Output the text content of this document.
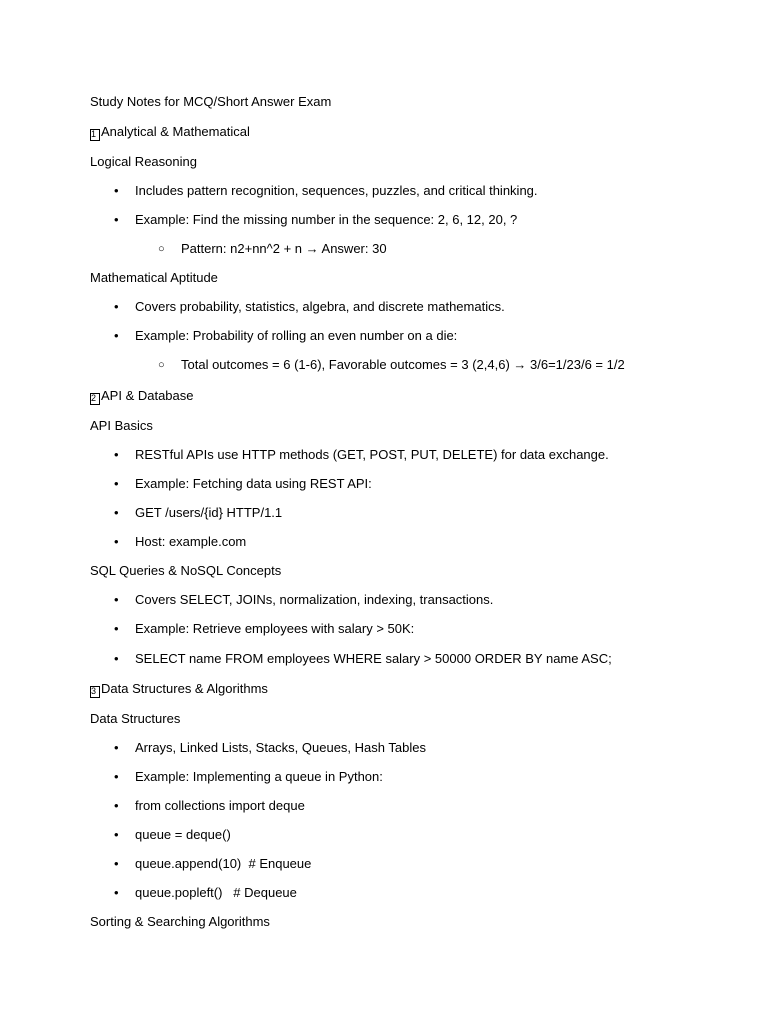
Study Notes for MCQ/Short Answer Exam
1 Analytical & Mathematical
Logical Reasoning
• Includes pattern recognition, sequences, puzzles, and critical thinking.
• Example: Find the missing number in the sequence: 2, 6, 12, 20, ?
○ Pattern: n2+nn^2 + n → Answer: 30
Mathematical Aptitude
• Covers probability, statistics, algebra, and discrete mathematics.
• Example: Probability of rolling an even number on a die:
○ Total outcomes = 6 (1-6), Favorable outcomes = 3 (2,4,6) → 3/6=1/23/6 = 1/2
2 API & Database
API Basics
• RESTful APIs use HTTP methods (GET, POST, PUT, DELETE) for data exchange.
• Example: Fetching data using REST API:
• GET /users/{id} HTTP/1.1
• Host: example.com
SQL Queries & NoSQL Concepts
• Covers SELECT, JOINs, normalization, indexing, transactions.
• Example: Retrieve employees with salary > 50K:
• SELECT name FROM employees WHERE salary > 50000 ORDER BY name ASC;
3 Data Structures & Algorithms
Data Structures
• Arrays, Linked Lists, Stacks, Queues, Hash Tables
• Example: Implementing a queue in Python:
• from collections import deque
• queue = deque()
• queue.append(10)  # Enqueue
• queue.popleft()   # Dequeue
Sorting & Searching Algorithms
